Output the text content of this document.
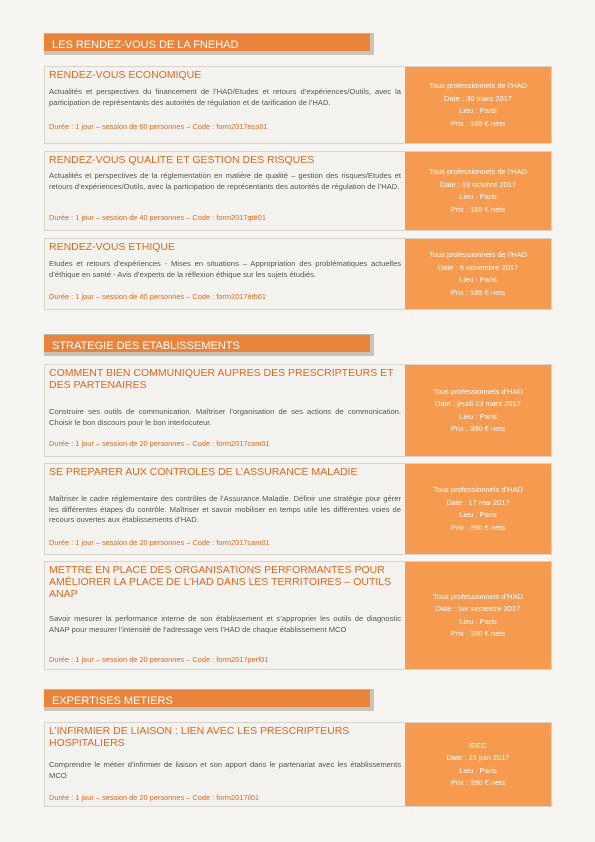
LES RENDEZ-VOUS DE LA FNEHAD
RENDEZ-VOUS ECONOMIQUE
Actualités et perspectives du financement de l’HAD/Etudes et retours d’expériences/Outils, avec la participation de représentants des autorités de régulation et de tarification de l’HAD.
Durée : 1 jour – session de 60 personnes – Code : form2017eco01
Tous professionnels de l’HAD
Date : 30 mars 2017
Lieu : Paris
Prix : 185 € nets
RENDEZ-VOUS QUALITE ET GESTION DES RISQUES
Actualités et perspectives de la réglementation en matière de qualité – gestion des risques/Etudes et retours d’expériences/Outils, avec la participation de représentants des autorités de régulation de l’HAD.
Durée : 1 jour – session de 40 personnes – Code : form2017qté01
Tous professionnels de l’HAD
Date : 19 octobre 2017
Lieu : Paris
Prix : 185 € nets
RENDEZ-VOUS ETHIQUE
Etudes et retours d’expériences - Mises en situations – Appropriation des problématiques actuelles d’éthique en santé - Avis d’experts de la réflexion éthique sur les sujets étudiés.
Durée : 1 jour – session de 40 personnes – Code : form2017éth01
Tous professionnels de l’HAD
Date : 6 novembre 2017
Lieu : Paris
Prix : 185 € nets
STRATEGIE DES ETABLISSEMENTS
COMMENT BIEN COMMUNIQUER AUPRES DES PRESCRIPTEURS ET DES PARTENAIRES
Construire ses outils de communication. Maîtriser l’organisation de ses actions de communication. Choisir le bon discours pour le bon interlocuteur.
Durée : 1 jour – session de 20 personnes – Code : form2017com01
Tous professionnels d’HAD
Date : jeudi 23 mars 2017
Lieu : Paris
Prix : 390 € nets
SE PREPARER AUX CONTROLES DE L’ASSURANCE MALADIE
Maîtriser le cadre réglementaire des contrôles de l’Assurance Maladie. Définir une stratégie pour gérer les différentes étapes du contrôle. Maîtriser et savoir mobiliser en temps utile les différentes voies de recours ouvertes aux établissements d’HAD.
Durée : 1 jour – session de 20 personnes – Code : form2017cam01
Tous professionnels d’HAD
Date : 17 mai 2017
Lieu : Paris
Prix : 390 € nets
METTRE EN PLACE DES ORGANISATIONS PERFORMANTES POUR AMÉLIORER LA PLACE DE L’HAD DANS LES TERRITOIRES – OUTILS ANAP
Savoir mesurer la performance interne de son établissement et s’approprier les outils de diagnostic ANAP pour mesurer l’intensité de l’adressage vers l’HAD de chaque établissement MCO
Durée : 1 jour – session de 20 personnes – Code : form2017perf01
Tous professionnels d’HAD
Date : 1er semestre 2017
Lieu : Paris
Prix : 390 € nets
EXPERTISES METIERS
L’INFIRMIER DE LIAISON : LIEN AVEC LES PRESCRIPTEURS HOSPITALIERS
Comprendre le métier d’infirmier de liaison et son apport dans le partenariat avec les établissements MCO
Durée : 1 jour – session de 20 personnes – Code : form2017il01
IDEC
Date : 21 juin 2017
Lieu : Paris
Prix : 390 € nets
